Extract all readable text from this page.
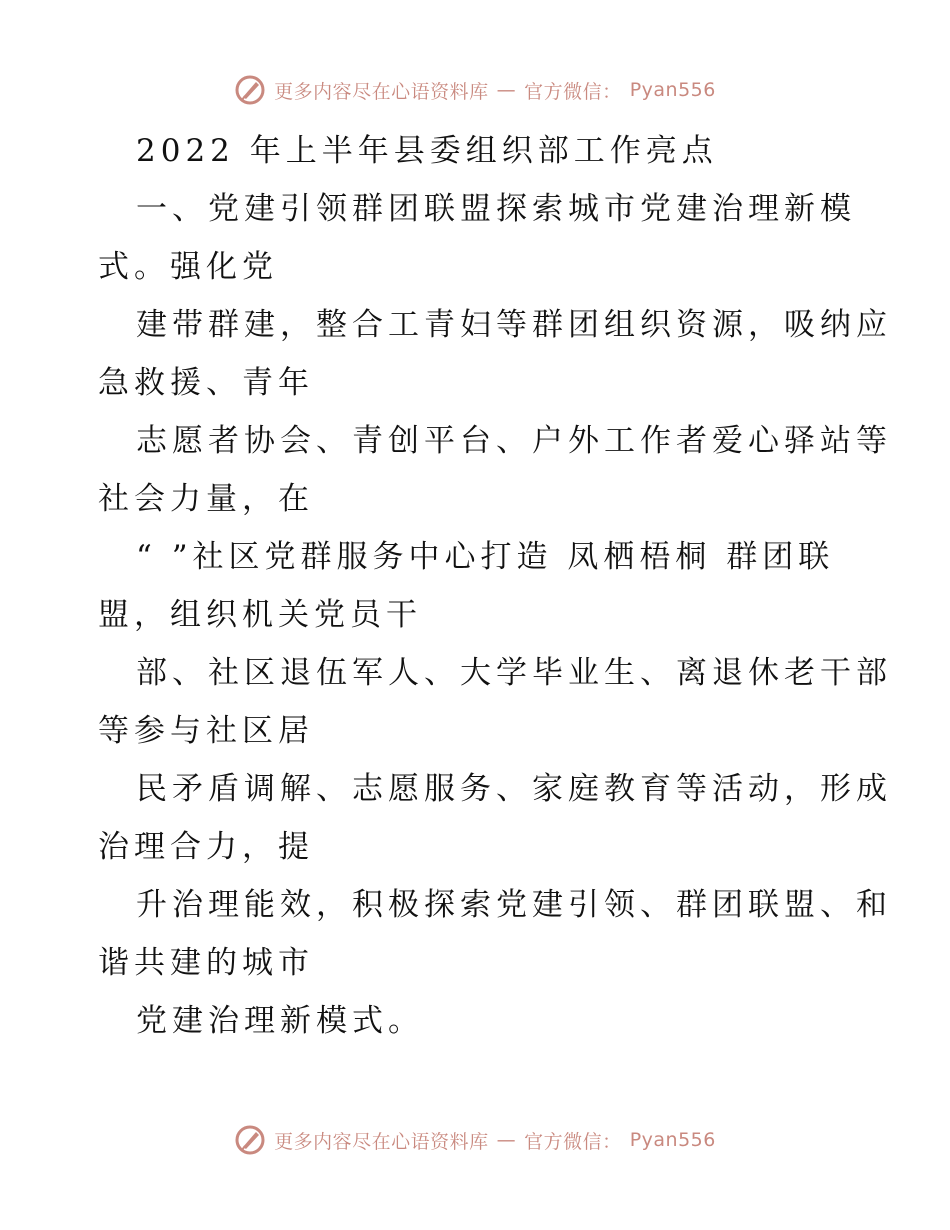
更多内容尽在心语资料库 — 官方微信： Pyan556
2022 年上半年县委组织部工作亮点
一、党建引领群团联盟探索城市党建治理新模
式。强化党
建带群建，整合工青妇等群团组织资源，吸纳应
急救援、青年
志愿者协会、青创平台、户外工作者爱心驿站等
社会力量，在
“ ”社区党群服务中心打造 凤栖梧桐 群团联
盟，组织机关党员干
部、社区退伍军人、大学毕业生、离退休老干部
等参与社区居
民矛盾调解、志愿服务、家庭教育等活动，形成
治理合力，提
升治理能效，积极探索党建引领、群团联盟、和
谐共建的城市
党建治理新模式。
更多内容尽在心语资料库 — 官方微信： Pyan556
